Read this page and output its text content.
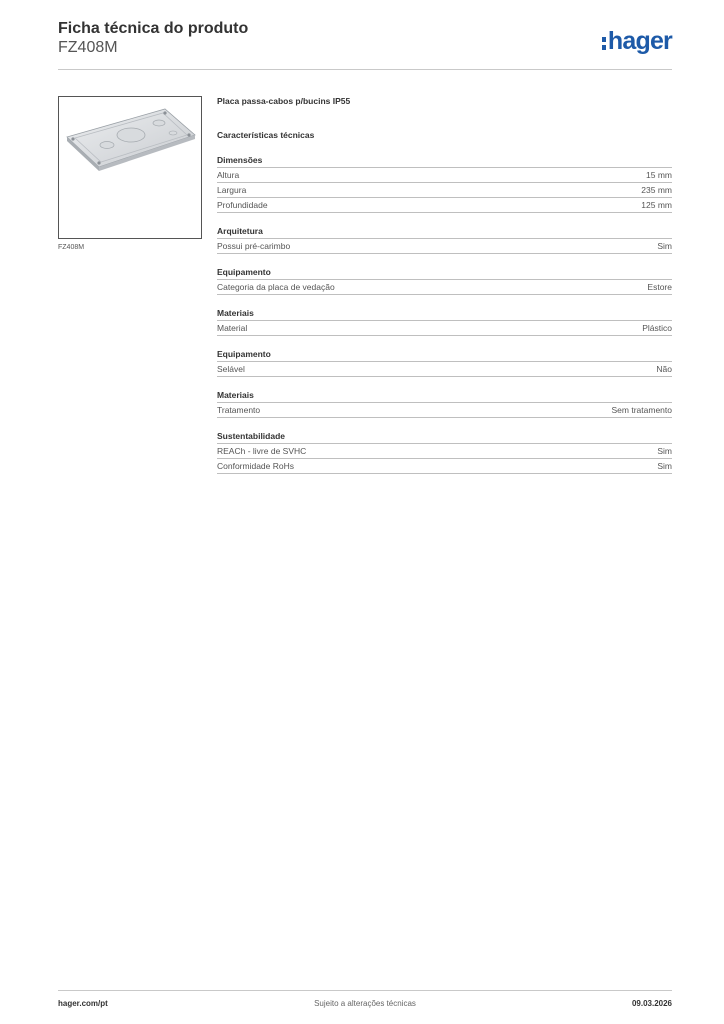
Ficha técnica do produto
FZ408M	hager
FZ408M
Placa passa-cabos p/bucins IP55
Características técnicas
Dimensões
Altura	15 mm
Largura	235 mm
Profundidade	125 mm
Arquitetura
Possui pré-carimbo	Sim
Equipamento
Categoria da placa de vedação	Estore
Materiais
Material	Plástico
Equipamento
Selável	Não
Materiais
Tratamento	Sem tratamento
Sustentabilidade
REACh - livre de SVHC	Sim
Conformidade RoHs	Sim
hager.com/pt	Sujeito a alterações técnicas	09.03.2026
